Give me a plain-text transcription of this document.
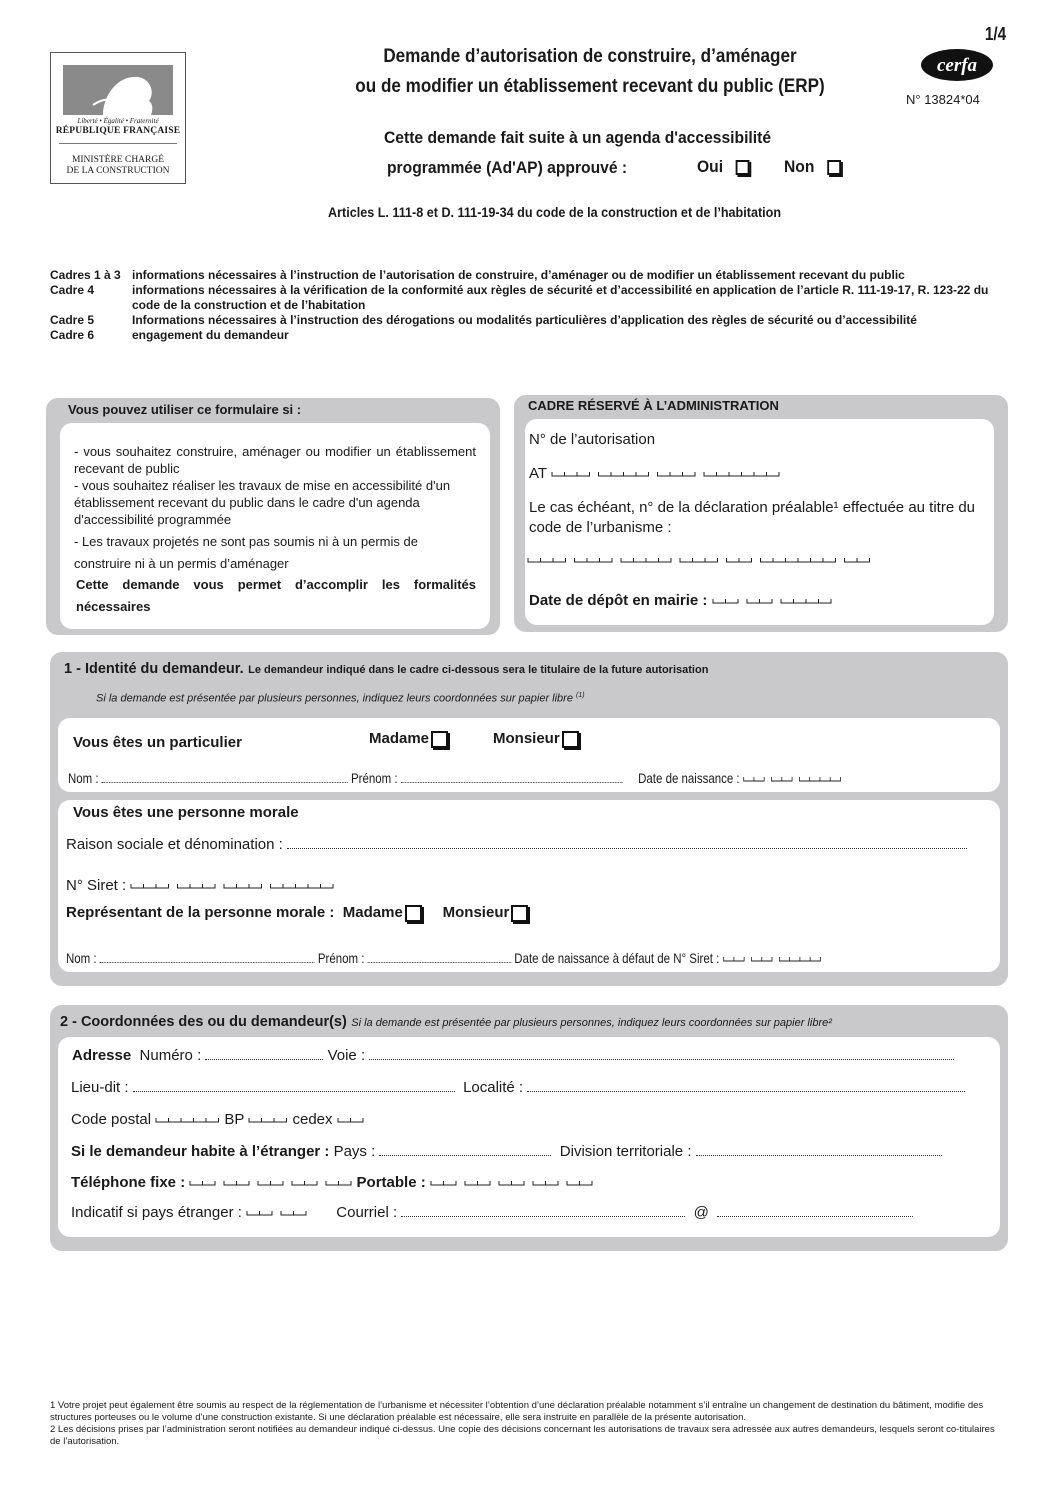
Liberté • Égalité • Fraternité
RÉPUBLIQUE FRANÇAISE
MINISTÈRE CHARGÉ
DE LA CONSTRUCTION
1/4
Demande d’autorisation de construire, d’aménager
ou de modifier un établissement recevant du public (ERP)
cerfa
N° 13824*04
Cette demande fait suite à un agenda d'accessibilité
programmée (Ad'AP) approuvé :	Oui	Non
Articles L. 111-8 et D. 111-19-34 du code de la construction et de l’habitation
Cadres 1 à 3 informations nécessaires à l’instruction de l’autorisation de construire, d’aménager ou de modifier un établissement recevant du public
Cadre 4	informations nécessaires à la vérification de la conformité aux règles de sécurité et d’accessibilité en application de l’article R. 111-19-17, R. 123-22 du code de la construction et de l’habitation
Cadre 5	Informations nécessaires à l’instruction des dérogations ou modalités particulières d’application des règles de sécurité ou d’accessibilité
Cadre 6	engagement du demandeur
Vous pouvez utiliser ce formulaire si :
- vous souhaitez construire, aménager ou modifier un établissement recevant de public
- vous souhaitez réaliser les travaux de mise en accessibilité d'un établissement recevant du public dans le cadre d'un agenda d'accessibilité programmée
- Les travaux projetés ne sont pas soumis ni à un permis de construire ni à un permis d’aménager
Cette demande vous permet d’accomplir les formalités nécessaires
CADRE RÉSERVÉ À L’ADMINISTRATION
N° de l’autorisation
AT
Le cas échéant, n° de la déclaration préalable¹ effectuée au titre du code de l’urbanisme :
Date de dépôt en mairie :
1 - Identité du demandeur. Le demandeur indiqué dans le cadre ci-dessous sera le titulaire de la future autorisation
Si la demande est présentée par plusieurs personnes, indiquez leurs coordonnées sur papier libre $^{(1)}$
Vous êtes un particulier	Madame	Monsieur
Nom :	Prénom :	Date de naissance :
Vous êtes une personne morale
Raison sociale et dénomination :
N° Siret :
Représentant de la personne morale : Madame	Monsieur
Nom :	Prénom :	Date de naissance à défaut de N° Siret :
2 - Coordonnées des ou du demandeur(s) Si la demande est présentée par plusieurs personnes, indiquez leurs coordonnées sur papier libre²
Adresse Numéro :	Voie :
Lieu-dit :	Localité :
Code postal	BP	cedex
Si le demandeur habite à l’étranger : Pays :	Division territoriale :
Téléphone fixe :	Portable :
Indicatif si pays étranger :	Courriel :	@
1 Votre projet peut également être soumis au respect de la réglementation de l’urbanisme et nécessiter l’obtention d’une déclaration préalable notamment s’il entraîne un changement de destination du bâtiment, modifie des structures porteuses ou le volume d’une construction existante. Si une déclaration préalable est nécessaire, elle sera instruite en parallèle de la présente autorisation.
2 Les décisions prises par l’administration seront notifiées au demandeur indiqué ci-dessus. Une copie des décisions concernant les autorisations de travaux sera adressée aux autres demandeurs, lesquels seront co-titulaires de l’autorisation.
